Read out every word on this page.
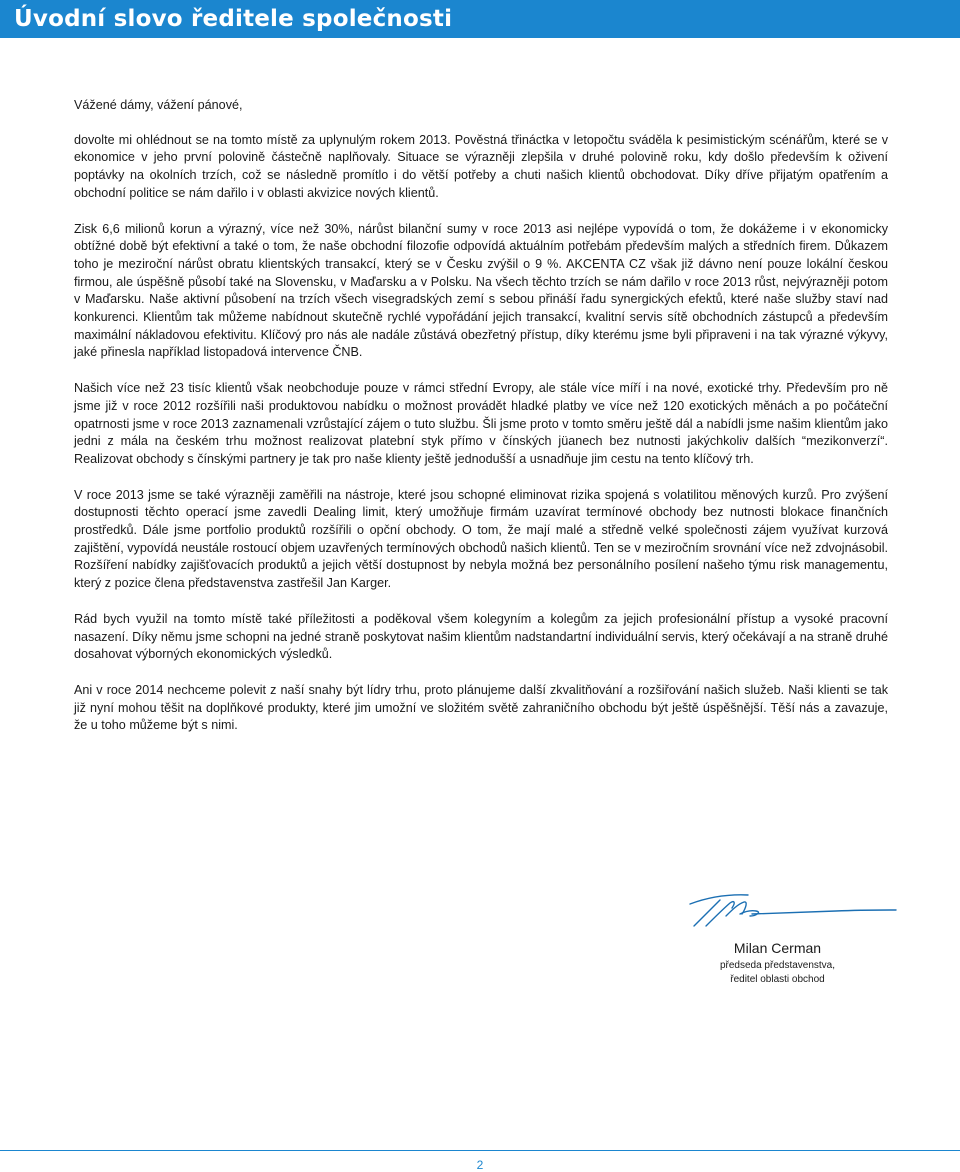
Úvodní slovo ředitele společnosti

Vážené dámy, vážení pánové,

dovolte mi ohlédnout se na tomto místě za uplynulým rokem 2013. Pověstná třináctka v letopočtu sváděla k pesimistickým scénářům, které se v ekonomice v jeho první polovině částečně naplňovaly. Situace se výrazněji zlepšila v druhé polovině roku, kdy došlo především k oživení poptávky na okolních trzích, což se následně promítlo i do větší potřeby a chuti našich klientů obchodovat. Díky dříve přijatým opatřením a obchodní politice se nám dařilo i v oblasti akvizice nových klientů.

Zisk 6,6 milionů korun a výrazný, více než 30%, nárůst bilanční sumy v roce 2013 asi nejlépe vypovídá o tom, že dokážeme i v ekonomicky obtížné době být efektivní a také o tom, že naše obchodní filozofie odpovídá aktuálním potřebám především malých a středních firem. Důkazem toho je meziroční nárůst obratu klientských transakcí, který se v Česku zvýšil o 9 %. AKCENTA CZ však již dávno není pouze lokální českou firmou, ale úspěšně působí také na Slovensku, v Maďarsku a v Polsku. Na všech těchto trzích se nám dařilo v roce 2013 růst, nejvýrazněji potom v Maďarsku. Naše aktivní působení na trzích všech visegradských zemí s sebou přináší řadu synergických efektů, které naše služby staví nad konkurenci. Klientům tak můžeme nabídnout skutečně rychlé vypořádání jejich transakcí, kvalitní servis sítě obchodních zástupců a především maximální nákladovou efektivitu. Klíčový pro nás ale nadále zůstává obezřetný přístup, díky kterému jsme byli připraveni i na tak výrazné výkyvy, jaké přinesla například listopadová intervence ČNB.

Našich více než 23 tisíc klientů však neobchoduje pouze v rámci střední Evropy, ale stále více míří i na nové, exotické trhy. Především pro ně jsme již v roce 2012 rozšířili naši produktovou nabídku o možnost provádět hladké platby ve více než 120 exotických měnách a po počáteční opatrnosti jsme v roce 2013 zaznamenali vzrůstající zájem o tuto službu. Šli jsme proto v tomto směru ještě dál a nabídli jsme našim klientům jako jedni z mála na českém trhu možnost realizovat platební styk přímo v čínských jüanech bez nutnosti jakýchkoliv dalších “mezikonverzí“. Realizovat obchody s čínskými partnery je tak pro naše klienty ještě jednodušší a usnadňuje jim cestu na tento klíčový trh.

V roce 2013 jsme se také výrazněji zaměřili na nástroje, které jsou schopné eliminovat rizika spojená s volatilitou měnových kurzů. Pro zvýšení dostupnosti těchto operací jsme zavedli Dealing limit, který umožňuje firmám uzavírat termínové obchody bez nutnosti blokace finančních prostředků. Dále jsme portfolio produktů rozšířili o opční obchody. O tom, že mají malé a středně velké společnosti zájem využívat kurzová zajištění, vypovídá neustále rostoucí objem uzavřených termínových obchodů našich klientů. Ten se v meziročním srovnání více než zdvojnásobil. Rozšíření nabídky zajišťovacích produktů a jejich větší dostupnost by nebyla možná bez personálního posílení našeho týmu risk managementu, který z pozice člena představenstva zastřešil Jan Karger.

Rád bych využil na tomto místě také příležitosti a poděkoval všem kolegyním a kolegům za jejich profesionální přístup a vysoké pracovní nasazení. Díky němu jsme schopni na jedné straně poskytovat našim klientům nadstandartní individuální servis, který očekávají a na straně druhé dosahovat výborných ekonomických výsledků.

Ani v roce 2014 nechceme polevit z naší snahy být lídry trhu, proto plánujeme další zkvalitňování a rozšiřování našich služeb. Naši klienti se tak již nyní mohou těšit na doplňkové produkty, které jim umožní ve složitém světě zahraničního obchodu být ještě úspěšnější. Těší nás a zavazuje, že u toho můžeme být s nimi.

Milan Cerman

předseda představenstva,

ředitel oblasti obchod

2
